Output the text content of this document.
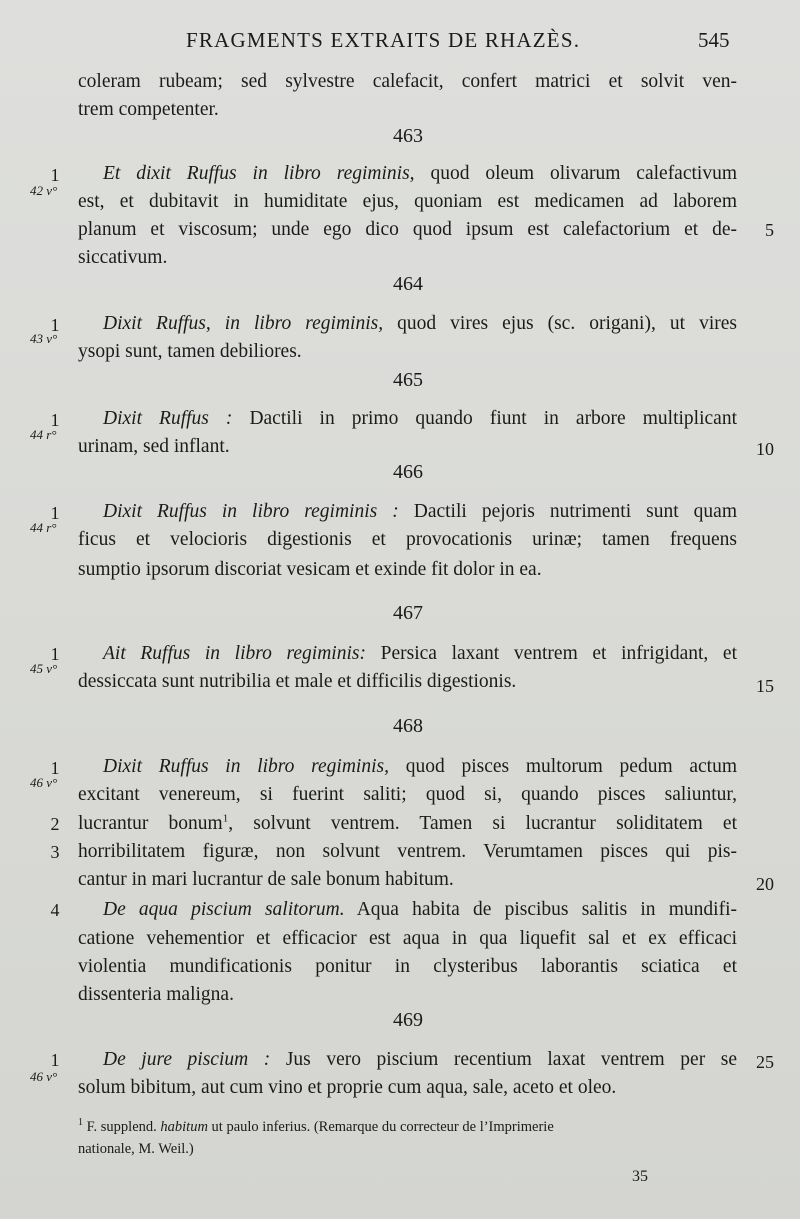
FRAGMENTS EXTRAITS DE RHAZÈS.	545
coleram rubeam; sed sylvestre calefacit, confert matrici et solvit ven-
trem competenter.
463
1
42 v°
Et dixit Ruffus in libro regiminis, quod oleum olivarum calefactivum
est, et dubitavit in humiditate ejus, quoniam est medicamen ad laborem
planum et viscosum; unde ego dico quod ipsum est calefactorium et de-	5
siccativum.
464
1
43 v°
Dixit Ruffus, in libro regiminis, quod vires ejus (sc. origani), ut vires
ysopi sunt, tamen debiliores.
465
1
44 r°
Dixit Ruffus : Dactili in primo quando fiunt in arbore multiplicant
urinam, sed inflant.	10
466
1
44 r°
Dixit Ruffus in libro regiminis : Dactili pejoris nutrimenti sunt quam
ficus et velocioris digestionis et provocationis urinæ; tamen frequens
sumptio ipsorum discoriat vesicam et exinde fit dolor in ea.
467
1
45 v°
Ait Ruffus in libro regiminis: Persica laxant ventrem et infrigidant, et
dessiccata sunt nutribilia et male et difficilis digestionis.	15
468
1
46 v°
Dixit Ruffus in libro regiminis, quod pisces multorum pedum actum
excitant venereum, si fuerint saliti; quod si, quando pisces saliuntur,
2 lucrantur bonum$^1$, solvunt ventrem. Tamen si lucrantur soliditatem et
3 horribilitatem figuræ, non solvunt ventrem. Verumtamen pisces qui pis-
cantur in mari lucrantur de sale bonum habitum.	20
4	De aqua piscium salitorum. Aqua habita de piscibus salitis in mundifi-
catione vehementior et efficacior est aqua in qua liquefit sal et ex efficaci
violentia mundificationis ponitur in clysteribus laborantis sciatica et
dissenteria maligna.
469
1
46 v°
De jure piscium : Jus vero piscium recentium laxat ventrem per se	25
solum bibitum, aut cum vino et proprie cum aqua, sale, aceto et oleo.
$^1$ F. supplend. habitum ut paulo inferius. (Remarque du correcteur de l’Imprimerie
nationale, M. Weil.)
35
